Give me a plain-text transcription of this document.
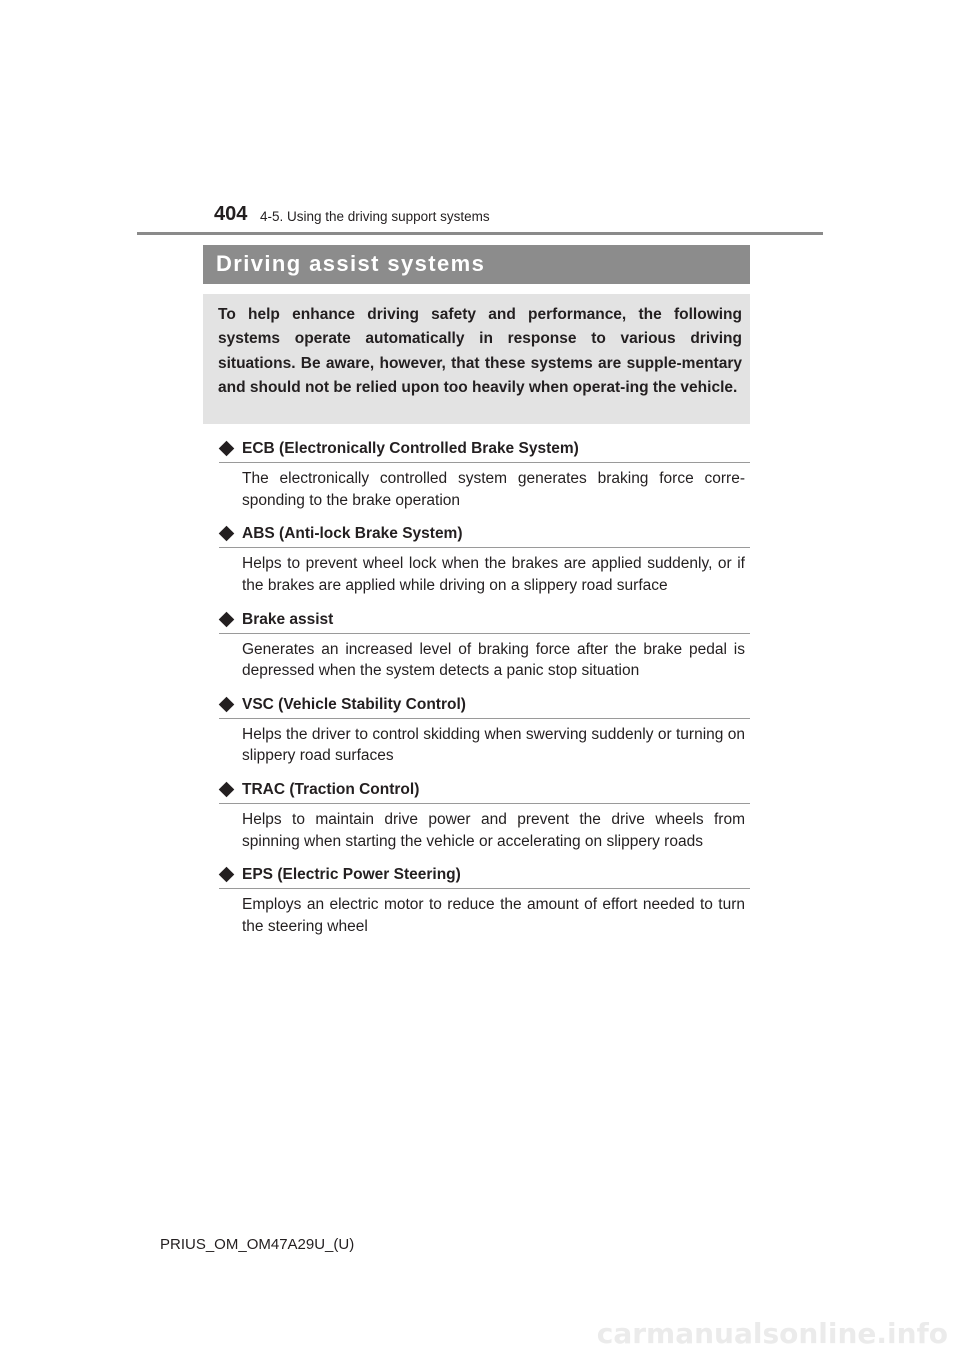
404 4-5. Using the driving support systems
Driving assist systems

To help enhance driving safety and performance, the following systems operate automatically in response to various driving situations. Be aware, however, that these systems are supple-mentary and should not be relied upon too heavily when operat-ing the vehicle.

ECB (Electronically Controlled Brake System)
The electronically controlled system generates braking force corre-sponding to the brake operation
ABS (Anti-lock Brake System)
Helps to prevent wheel lock when the brakes are applied suddenly, or if the brakes are applied while driving on a slippery road surface
Brake assist
Generates an increased level of braking force after the brake pedal is depressed when the system detects a panic stop situation
VSC (Vehicle Stability Control)
Helps the driver to control skidding when swerving suddenly or turning on slippery road surfaces
TRAC (Traction Control)
Helps to maintain drive power and prevent the drive wheels from spinning when starting the vehicle or accelerating on slippery roads
EPS (Electric Power Steering)
Employs an electric motor to reduce the amount of effort needed to turn the steering wheel
PRIUS_OM_OM47A29U_(U)
carmanualsonline.info
